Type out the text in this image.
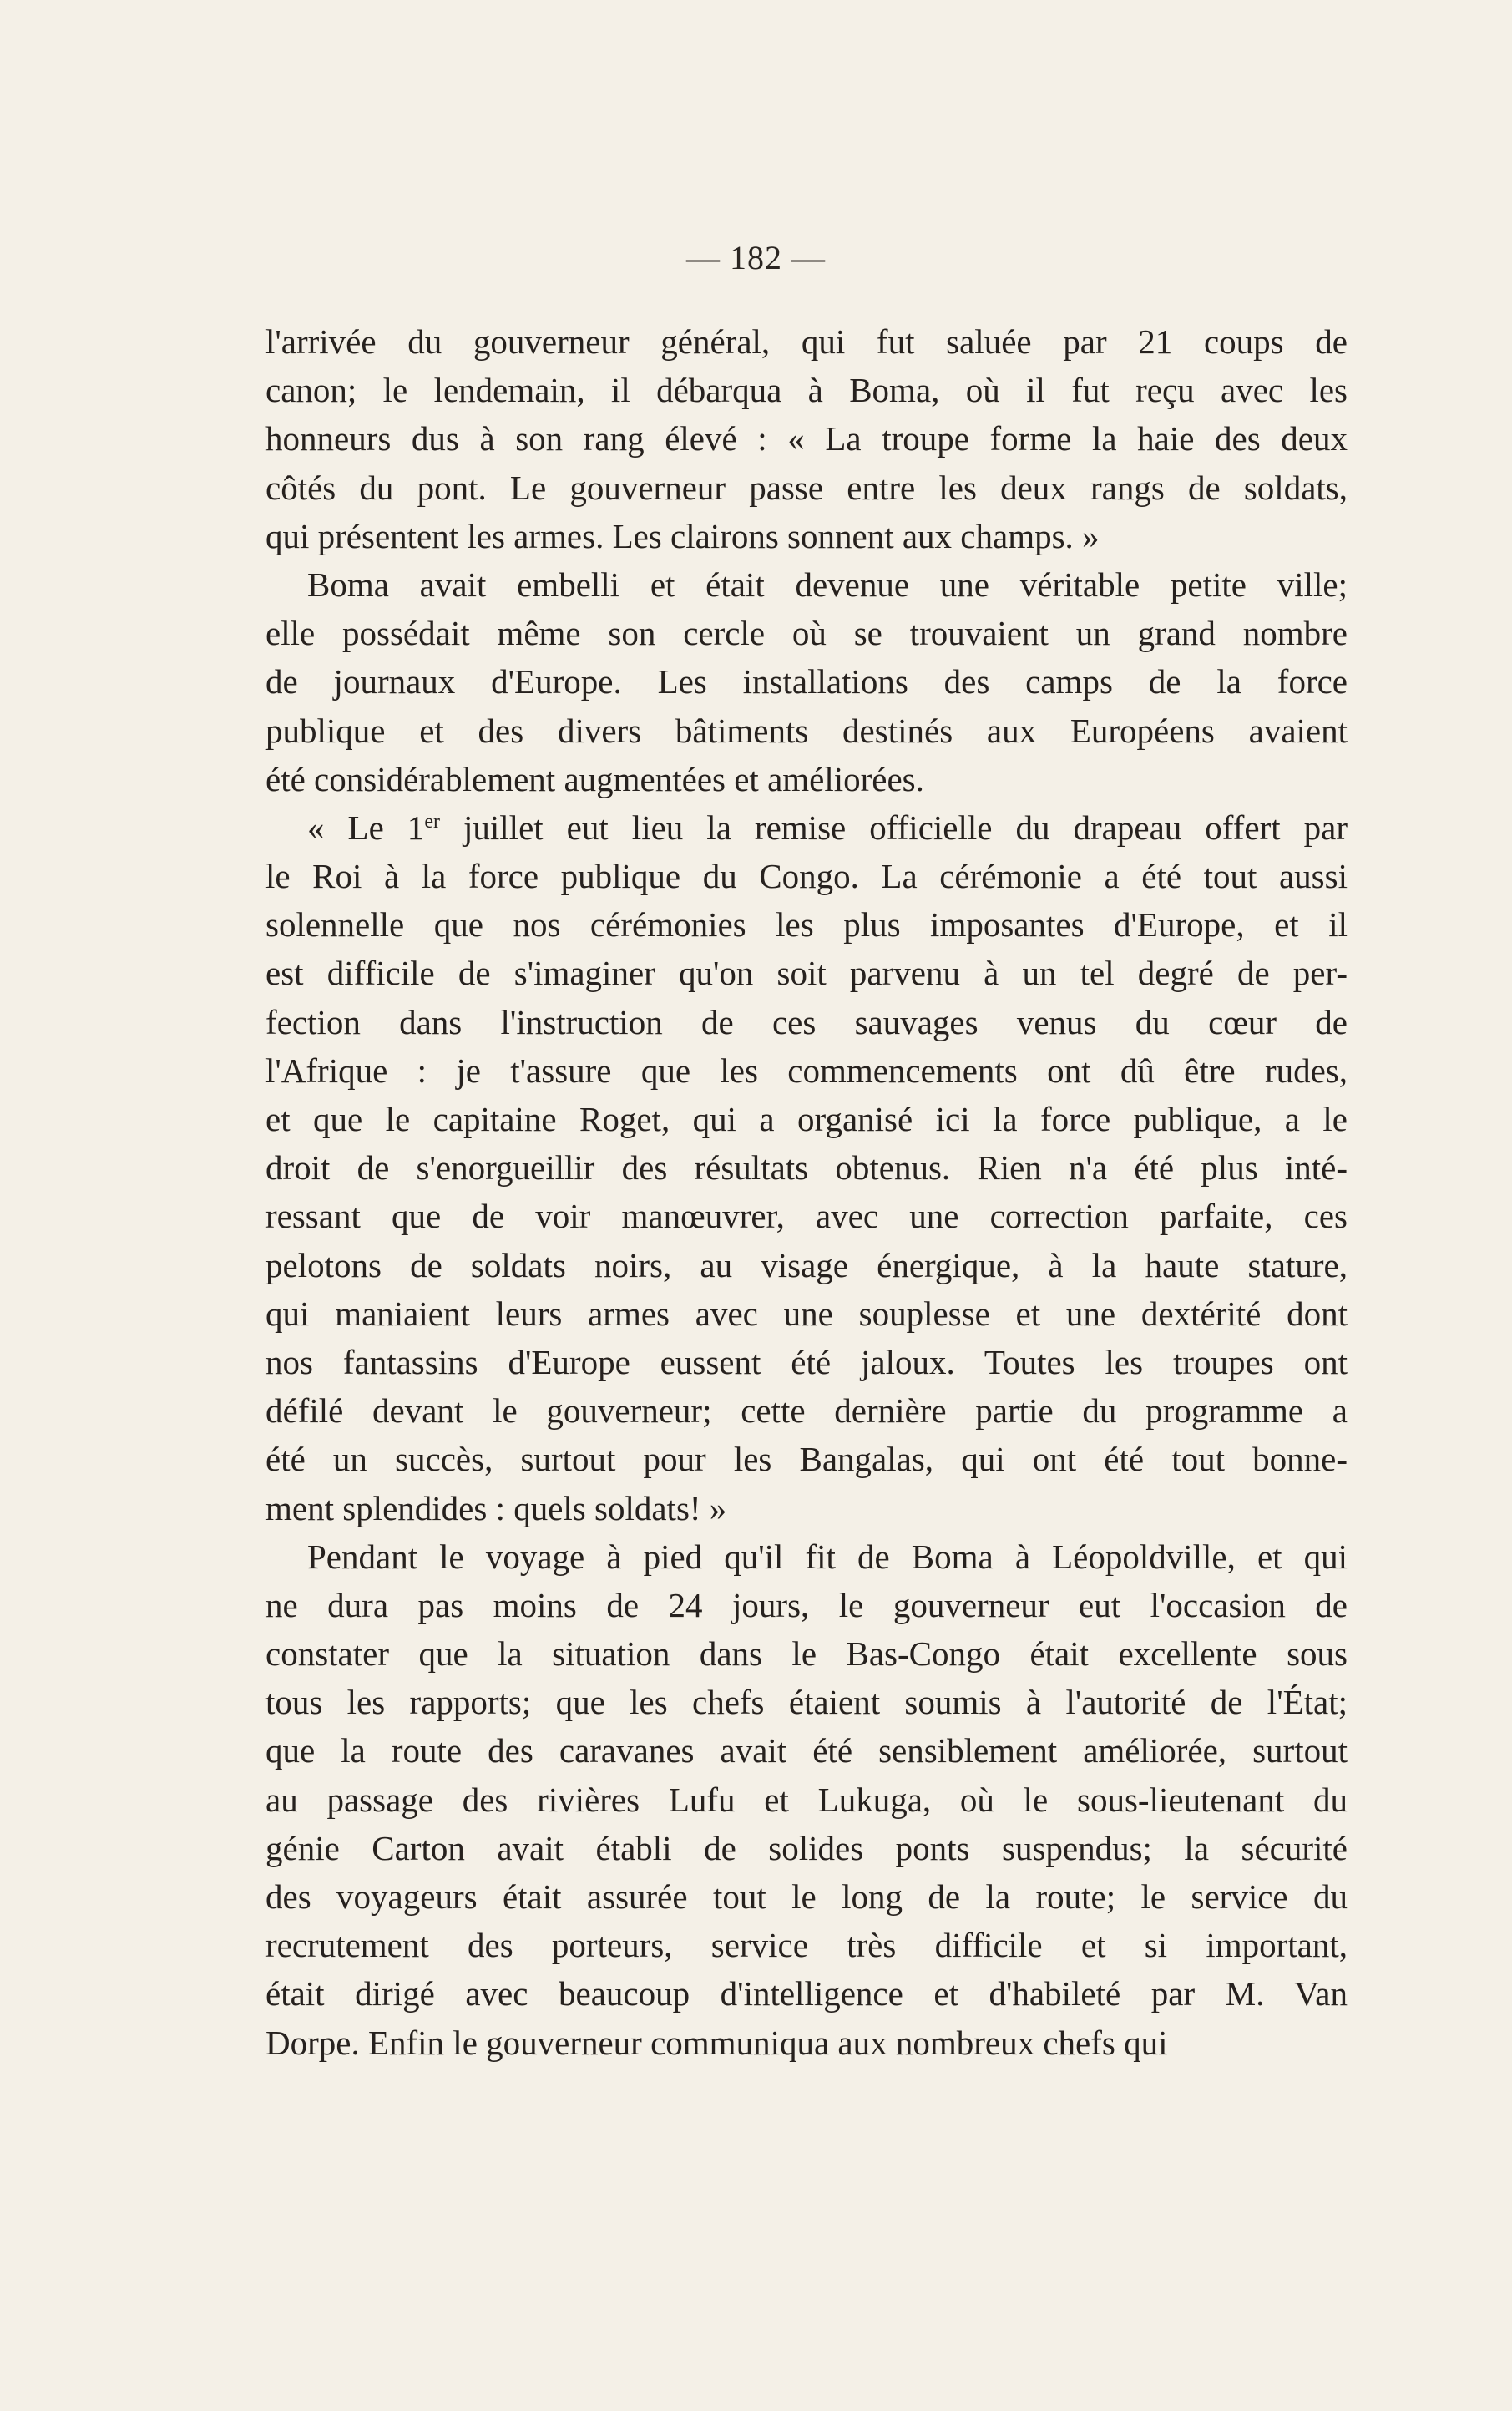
— 182 —
l'arrivée du gouverneur général, qui fut saluée par 21 coups de
canon; le lendemain, il débarqua à Boma, où il fut reçu avec les
honneurs dus à son rang élevé : « La troupe forme la haie des deux
côtés du pont. Le gouverneur passe entre les deux rangs de soldats,
qui présentent les armes. Les clairons sonnent aux champs. »
Boma avait embelli et était devenue une véritable petite ville;
elle possédait même son cercle où se trouvaient un grand nombre
de journaux d'Europe. Les installations des camps de la force
publique et des divers bâtiments destinés aux Européens avaient
été considérablement augmentées et améliorées.
« Le 1er juillet eut lieu la remise officielle du drapeau offert par
le Roi à la force publique du Congo. La cérémonie a été tout aussi
solennelle que nos cérémonies les plus imposantes d'Europe, et il
est difficile de s'imaginer qu'on soit parvenu à un tel degré de per-
fection dans l'instruction de ces sauvages venus du cœur de
l'Afrique : je t'assure que les commencements ont dû être rudes,
et que le capitaine Roget, qui a organisé ici la force publique, a le
droit de s'enorgueillir des résultats obtenus. Rien n'a été plus inté-
ressant que de voir manœuvrer, avec une correction parfaite, ces
pelotons de soldats noirs, au visage énergique, à la haute stature,
qui maniaient leurs armes avec une souplesse et une dextérité dont
nos fantassins d'Europe eussent été jaloux. Toutes les troupes ont
défilé devant le gouverneur; cette dernière partie du programme a
été un succès, surtout pour les Bangalas, qui ont été tout bonne-
ment splendides : quels soldats! »
Pendant le voyage à pied qu'il fit de Boma à Léopoldville, et qui
ne dura pas moins de 24 jours, le gouverneur eut l'occasion de
constater que la situation dans le Bas-Congo était excellente sous
tous les rapports; que les chefs étaient soumis à l'autorité de l'État;
que la route des caravanes avait été sensiblement améliorée, surtout
au passage des rivières Lufu et Lukuga, où le sous-lieutenant du
génie Carton avait établi de solides ponts suspendus; la sécurité
des voyageurs était assurée tout le long de la route; le service du
recrutement des porteurs, service très difficile et si important,
était dirigé avec beaucoup d'intelligence et d'habileté par M. Van
Dorpe. Enfin le gouverneur communiqua aux nombreux chefs qui
